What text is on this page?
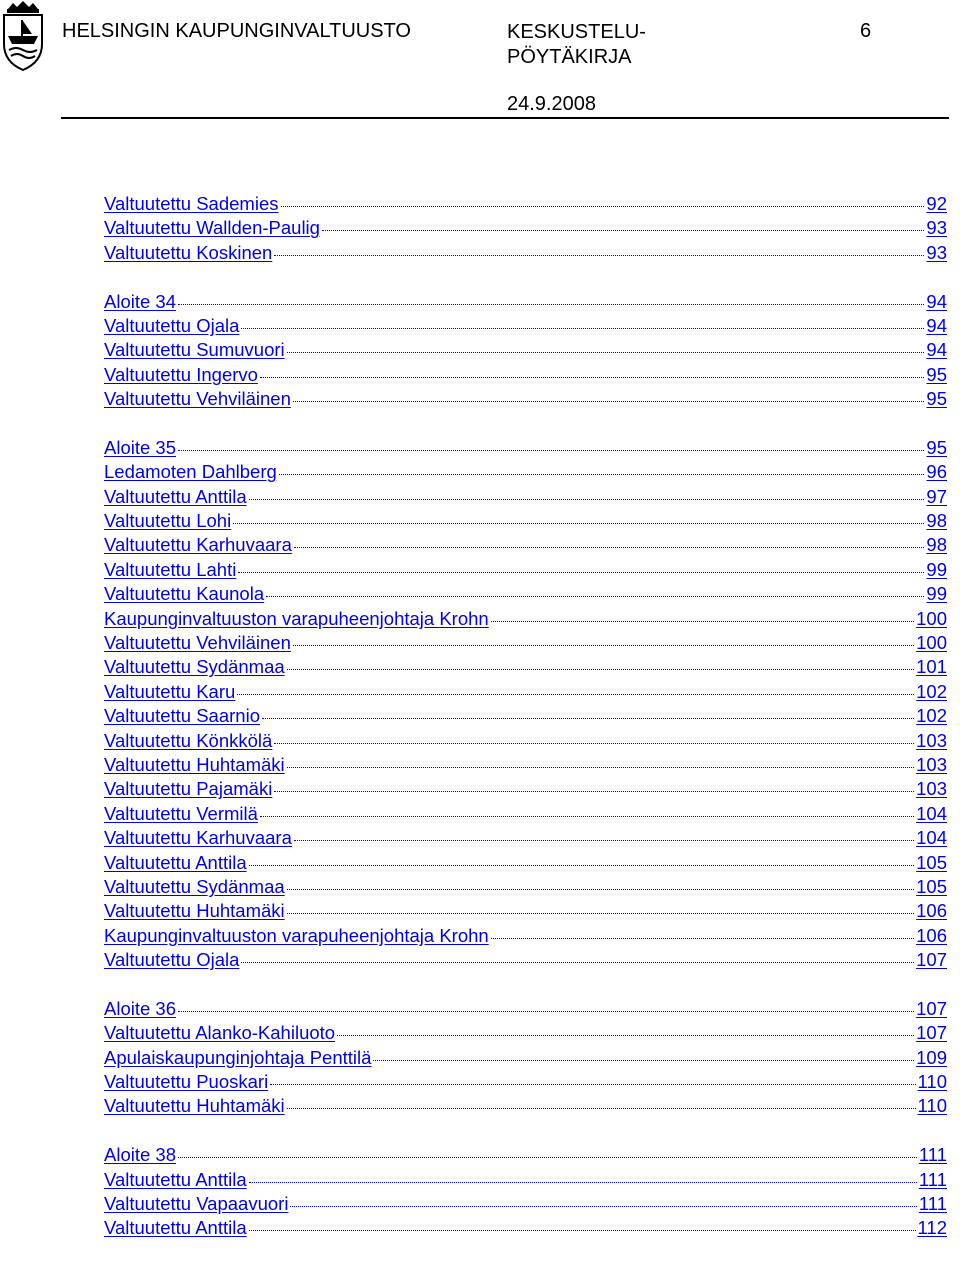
HELSINGIN KAUPUNGINVALTUUSTO	KESKUSTELU-
PÖYTÄKIRJA
6
24.9.2008
Valtuutettu Sademies	92
Valtuutettu Wallden-Paulig	93
Valtuutettu Koskinen	93
Aloite 34	94
Valtuutettu Ojala	94
Valtuutettu Sumuvuori	94
Valtuutettu Ingervo	95
Valtuutettu Vehviläinen	95
Aloite 35	95
Ledamoten Dahlberg	96
Valtuutettu Anttila	97
Valtuutettu Lohi	98
Valtuutettu Karhuvaara	98
Valtuutettu Lahti	99
Valtuutettu Kaunola	99
Kaupunginvaltuuston varapuheenjohtaja Krohn	100
Valtuutettu Vehviläinen	100
Valtuutettu Sydänmaa	101
Valtuutettu Karu	102
Valtuutettu Saarnio	102
Valtuutettu Könkkölä	103
Valtuutettu Huhtamäki	103
Valtuutettu Pajamäki	103
Valtuutettu Vermilä	104
Valtuutettu Karhuvaara	104
Valtuutettu Anttila	105
Valtuutettu Sydänmaa	105
Valtuutettu Huhtamäki	106
Kaupunginvaltuuston varapuheenjohtaja Krohn	106
Valtuutettu Ojala	107
Aloite 36	107
Valtuutettu Alanko-Kahiluoto	107
Apulaiskaupunginjohtaja Penttilä	109
Valtuutettu Puoskari	110
Valtuutettu Huhtamäki	110
Aloite 38	111
Valtuutettu Anttila	111
Valtuutettu Vapaavuori	111
Valtuutettu Anttila	112
